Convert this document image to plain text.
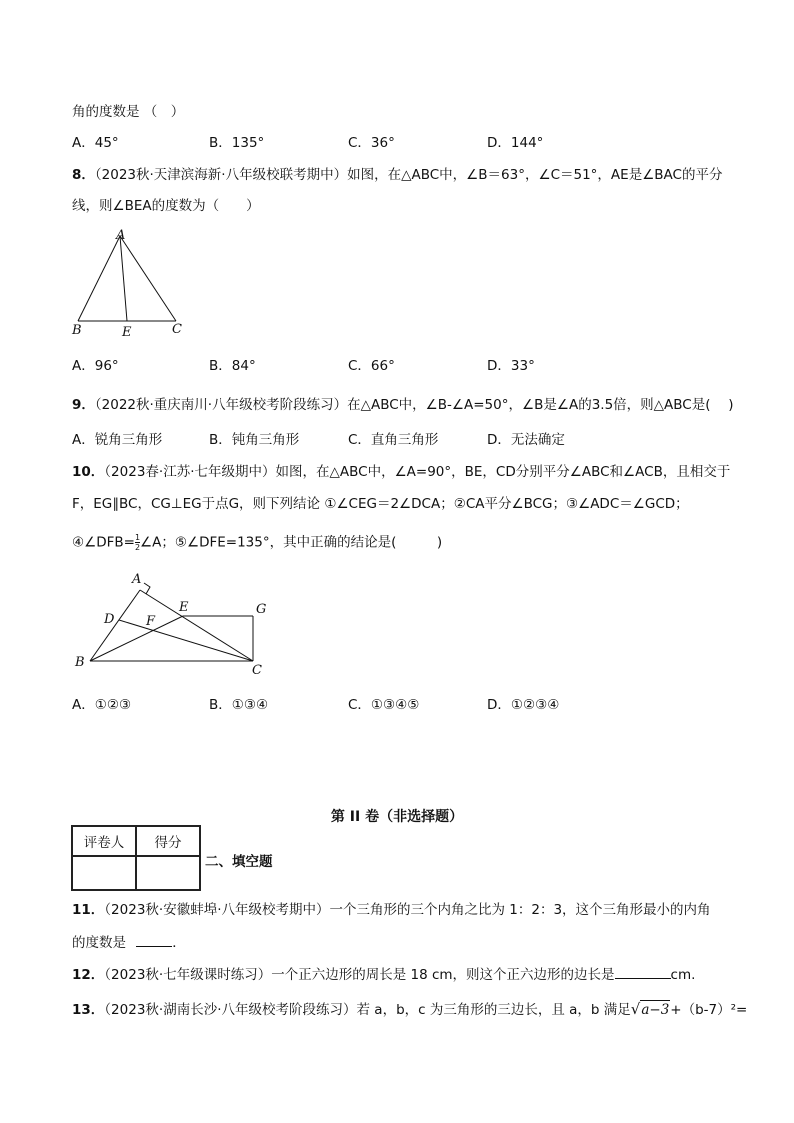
角的度数是 （　）
A．45°	B．135°	C．36°	D．144°
8．（2023秋·天津滨海新·八年级校联考期中）如图，在△ABC中，∠B＝63°，∠C＝51°，AE是∠BAC的平分
线，则∠BEA的度数为（　　）
A
B	E	C
A．96°	B．84°	C．66°	D．33°
9．（2022秋·重庆南川·八年级校考阶段练习）在△ABC中，∠B-∠A=50°，∠B是∠A的3.5倍，则△ABC是(　 )
A．锐角三角形	B．钝角三角形	C．直角三角形	D．无法确定
10．（2023春·江苏·七年级期中）如图，在△ABC中，∠A=90°，BE，CD分别平分∠ABC和∠ACB，且相交于
F，EG∥BC，CG⊥EG于点G，则下列结论 ①∠CEG＝2∠DCA；②CA平分∠BCG；③∠ADC＝∠GCD；
④∠DFB= $\frac{1}{2}$ ∠A；⑤∠DFE=135°，其中正确的结论是(　　　)
A
D
E
F
G
B
C
A．①②③	B．①③④	C．①③④⑤	D．①②③④
第 II 卷（非选择题）
评卷人	得分

二、填空题
11．（2023秋·安徽蚌埠·八年级校考期中）一个三角形的三个内角之比为 1：2：3，这个三角形最小的内角
的度数是	．
12．（2023秋·七年级课时练习）一个正六边形的周长是 18 cm，则这个正六边形的边长是	cm.
13．（2023秋·湖南长沙·八年级校考阶段练习）若 a，b，c 为三角形的三边长，且 a，b 满足√a−3+（b-7）²=
